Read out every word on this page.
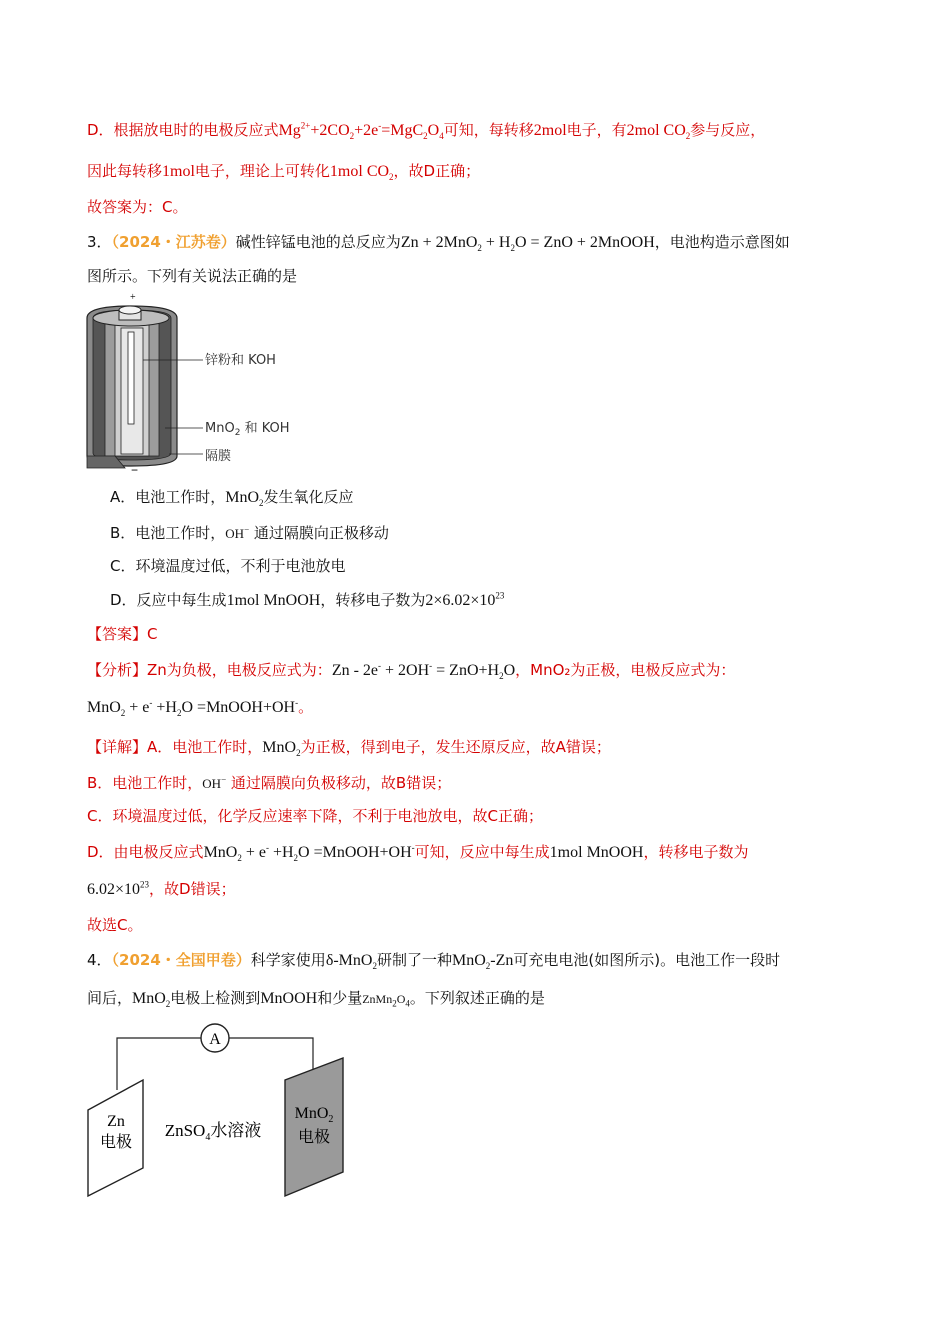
D．根据放电时的电极反应式$Mg^{2+}+2CO_2+2e^-=MgC_2O_4$可知，每转移2mol电子，有2mol $CO_2$参与反应，
因此每转移1mol电子，理论上可转化1mol $CO_2$，故D正确；
故答案为：C。
3．（2024・江苏卷）碱性锌锰电池的总反应为$Zn + 2MnO_2 + H_2O$ = ZnO + 2MnOOH，电池构造示意图如
图所示。下列有关说法正确的是
+
−
锌粉和 KOH
MnO$_2$ 和 KOH
隔膜
A．电池工作时，MnO$_2$发生氧化反应
B．电池工作时，OH− 通过隔膜向正极移动
C．环境温度过低，不利于电池放电
D．反应中每生成1mol MnOOH，转移电子数为$2\times 6.02\times 10^{23}$
【答案】C
【分析】Zn为负极，电极反应式为：$Zn - 2e^- + 2OH^- = ZnO+H_2O$，MnO₂为正极，电极反应式为：
$MnO_2 + e^- +H_2O$ =MnOOH+OH-。
【详解】A．电池工作时，MnO$_2$为正极，得到电子，发生还原反应，故A错误；
B．电池工作时，OH− 通过隔膜向负极移动，故B错误；
C．环境温度过低，化学反应速率下降，不利于电池放电，故C正确；
D．由电极反应式$MnO_2 + e^- +H_2O$ =MnOOH+OH-可知，反应中每生成1mol MnOOH，转移电子数为
$6.02\times 10^{23}$，故D错误；
故选C。
4．（2024・全国甲卷）科学家使用δ-MnO$_2$研制了一种MnO$_2$-Zn可充电电池(如图所示)。电池工作一段时
间后，MnO$_2$电极上检测到MnOOH和少量$ZnMn_2O_4$。下列叙述正确的是
A
Zn
电极
ZnSO$_4$水溶液
MnO$_2$
电极
